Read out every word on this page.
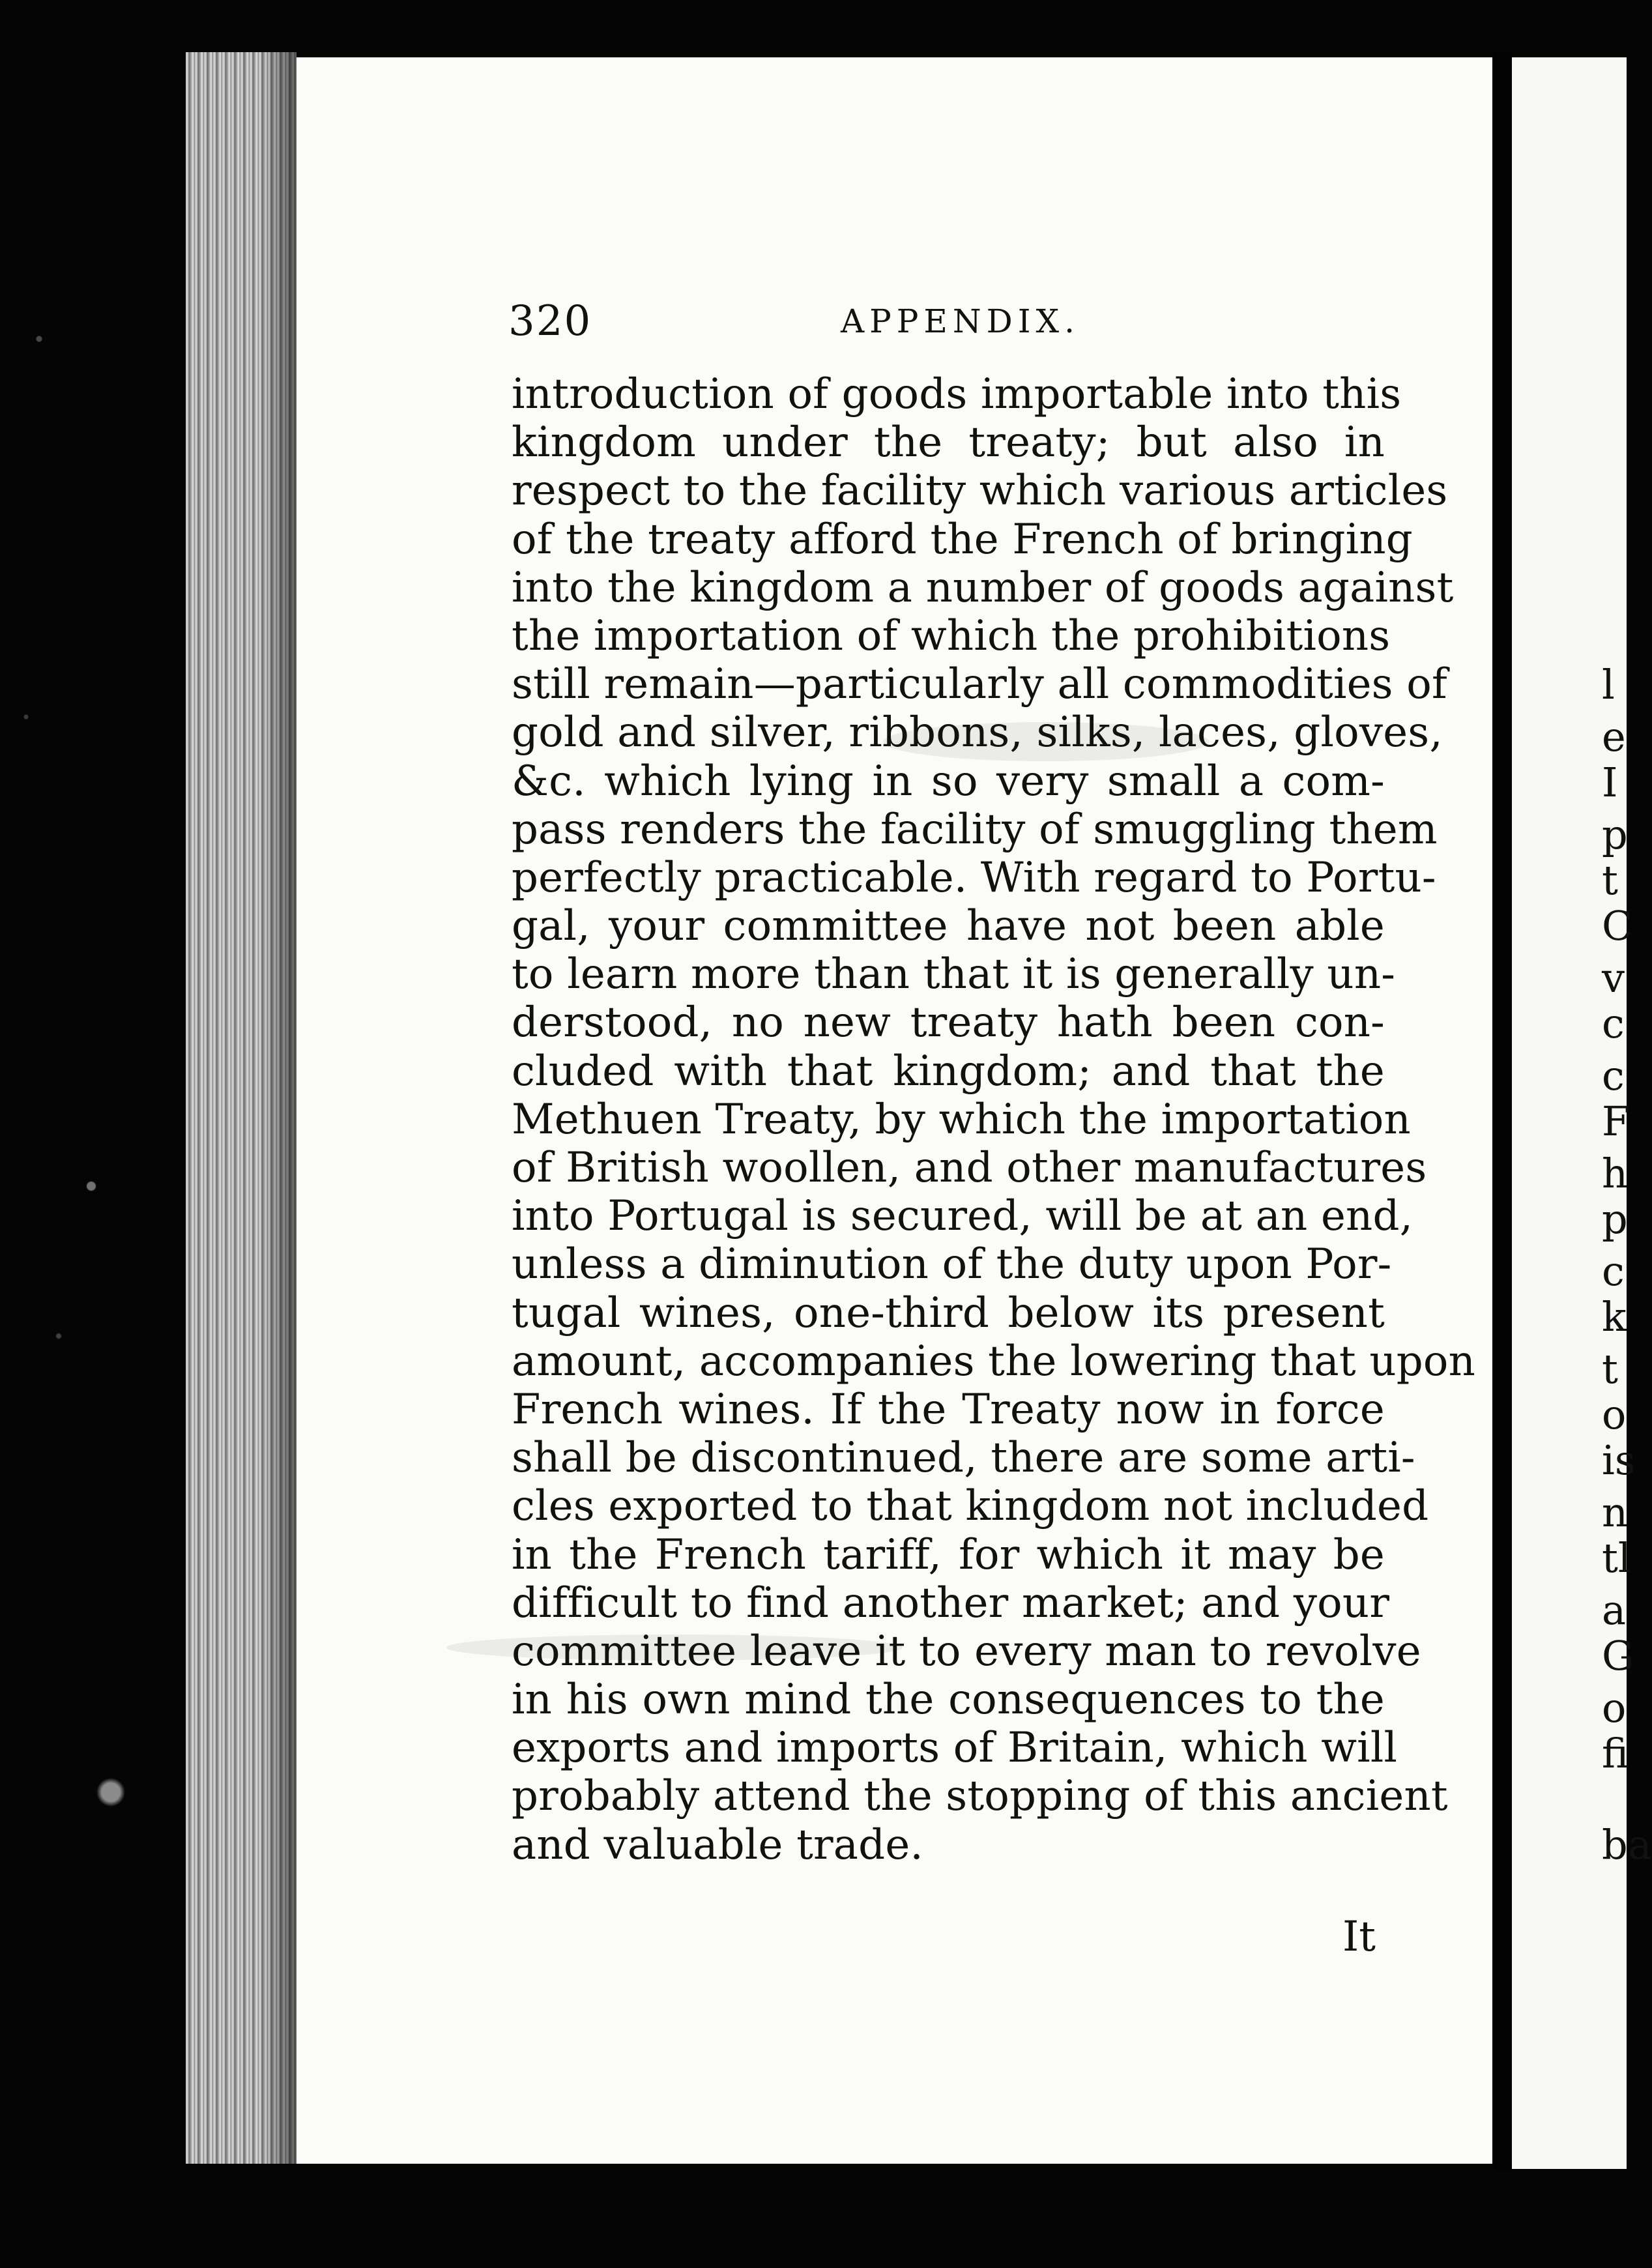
l
e
I
p
t
C
v
c
c
F
h
p
c
k
t
o
is
n
tl
a
G
o
fi
ba
320	APPENDIX.
introduction of goods importable into this
kingdom under the treaty; but also in
respect to the facility which various articles
of the treaty afford the French of bringing
into the kingdom a number of goods against
the importation of which the prohibitions
still remain—particularly all commodities of
gold and silver, ribbons, silks, laces, gloves,
&c. which lying in so very small a com-
pass renders the facility of smuggling them
perfectly practicable. With regard to Portu-
gal, your committee have not been able
to learn more than that it is generally un-
derstood, no new treaty hath been con-
cluded with that kingdom; and that the
Methuen Treaty, by which the importation
of British woollen, and other manufactures
into Portugal is secured, will be at an end,
unless a diminution of the duty upon Por-
tugal wines, one-third below its present
amount, accompanies the lowering that upon
French wines. If the Treaty now in force
shall be discontinued, there are some arti-
cles exported to that kingdom not included
in the French tariff, for which it may be
difficult to find another market; and your
committee leave it to every man to revolve
in his own mind the consequences to the
exports and imports of Britain, which will
probably attend the stopping of this ancient
and valuable trade.
It
